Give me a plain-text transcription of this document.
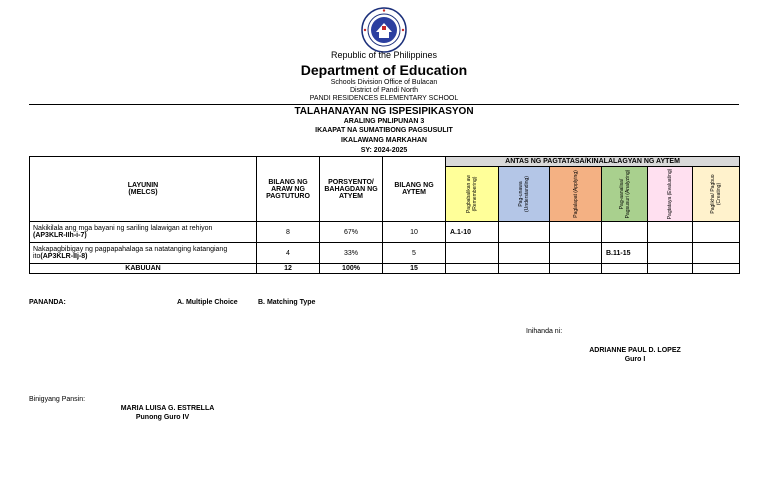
Republic of the Philippines
Department of Education
Schools Division Office of Bulacan
District of Pandi North
PANDI RESIDENCES ELEMENTARY SCHOOL
TALAHANAYAN NG ISPESIPIKASYON
ARALING PNLIPUNAN 3
IKAAPAT NA SUMATIBONG PAGSUSULIT
IKALAWANG MARKAHAN
SY: 2024-2025
LAYUNIN
(MELCS)	BILANG NG ARAW NG PAGTUTURO	PORSYENTO/ BAHAGDAN NG ATYEM	BILANG NG AYTEM	ANTAS NG PAGTATASA/KINALALAGYAN NG AYTEM					

				Pagbabalikan aw (Remembering)	Pag-unawa (Understanding)	Paglalapat (Applying)	Pag-aanalisa/ Pagsusuri (Analyzing)	Pagtataya (Evaluating)	Paglikha/ Pagbuo (Creating)

Nakikilala ang mga bayani ng sariling lalawigan at rehiyon
(AP3KLR-IIh-i-7)	8	67%	10	A.1-10					
Nakapagbibigay ng pagpapahalaga sa natatanging katangiang ito(AP3KLR-IIj-8)	4	33%	5				B.11-15		
KABUUAN	12	100%	15						
PANANDA:	A. Multiple Choice	B. Matching Type
Inihanda ni:
ADRIANNE PAUL D. LOPEZ
Guro I
Binigyang Pansin:
MARIA LUISA G. ESTRELLA
Punong Guro IV
